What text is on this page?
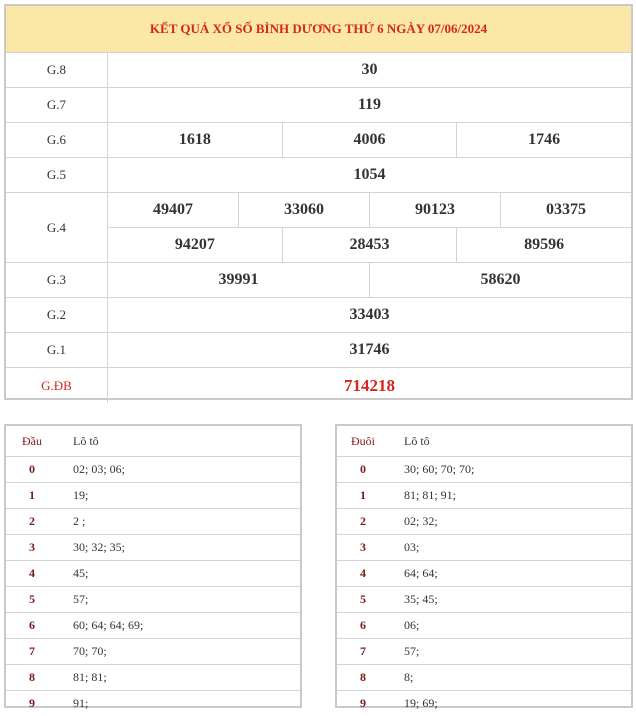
KẾT QUẢ XỔ SỐ BÌNH DƯƠNG THỨ 6 NGÀY 07/06/2024
G.8	30
G.7	119
G.6	1618	4006	1746
G.5	1054
G.4
49407	33060	90123	03375
94207	28453	89596
G.3	39991	58620
G.2	33403
G.1	31746
G.ĐB	714218
Đầu	Lô tô
0	02; 03; 06;
1	19;
2	2 ;
3	30; 32; 35;
4	45;
5	57;
6	60; 64; 64; 69;
7	70; 70;
8	81; 81;
9	91;
Đuôi	Lô tô
0	30; 60; 70; 70;
1	81; 81; 91;
2	02; 32;
3	03;
4	64; 64;
5	35; 45;
6	06;
7	57;
8	8;
9	19; 69;
